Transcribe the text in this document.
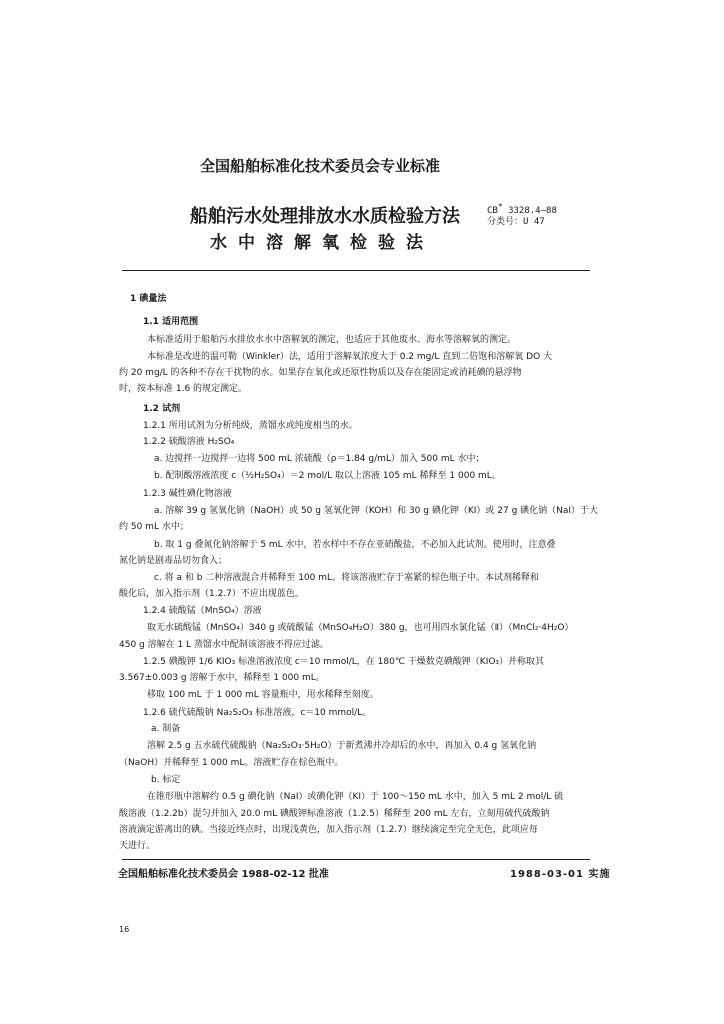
全国船舶标准化技术委员会专业标准
船舶污水处理排放水水质检验方法
水中溶解氧检验法
CB* 3328.4—88
分类号：U 47
1 碘量法
1.1 适用范围
本标准适用于船舶污水排放水水中溶解氧的测定，也适应于其他废水、海水等溶解氧的测定。
本标准是改进的温可勒（Winkler）法，适用于溶解氧浓度大于 0.2 mg/L 直到二倍饱和溶解氧 DO 大
约 20 mg/L 的各种不存在干扰物的水。如果存在氧化或还原性物质以及存在能固定或消耗碘的悬浮物
时，按本标准 1.6 的规定测定。
1.2 试剂
1.2.1 所用试剂为分析纯级，蒸馏水或纯度相当的水。
1.2.2 硫酸溶液 H₂SO₄
a. 边搅拌一边搅拌一边将 500 mL 浓硫酸（ρ＝1.84 g/mL）加入 500 mL 水中；
b. 配制酸溶液浓度 c（½H₂SO₄）＝2 mol/L 取以上溶液 105 mL 稀释至 1 000 mL。
1.2.3 碱性碘化物溶液
a. 溶解 39 g 氢氧化钠（NaOH）或 50 g 氢氧化钾（KOH）和 30 g 碘化钾（KI）或 27 g 碘化钠（NaI）于大
约 50 mL 水中；
b. 取 1 g 叠氮化钠溶解于 5 mL 水中，若水样中不存在亚硝酸盐，不必加入此试剂。使用时，注意叠
氮化钠是剧毒品切勿食入；
c. 将 a 和 b 二种溶液混合并稀释至 100 mL。将该溶液贮存于塞紧的棕色瓶子中。本试剂稀释和
酸化后，加入指示剂（1.2.7）不应出现蓝色。
1.2.4 硫酸锰（MnSO₄）溶液
取无水硫酸锰（MnSO₄）340 g 或硫酸锰（MnSO₄H₂O）380 g，也可用四水氯化锰（Ⅱ）（MnCl₂·4H₂O）
450 g 溶解在 1 L 蒸馏水中配制该溶液不得应过滤。
1.2.5 碘酸钾 1/6 KIO₃ 标准溶液浓度 c＝10 mmol/L，在 180℃ 干燥数克碘酸钾（KIO₃）并称取其
3.567±0.003 g 溶解于水中，稀释至 1 000 mL。
移取 100 mL 于 1 000 mL 容量瓶中，用水稀释至刻度。
1.2.6 硫代硫酸钠 Na₂S₂O₃ 标准溶液，c＝10 mmol/L。
a. 制备
溶解 2.5 g 五水硫代硫酸钠（Na₂S₂O₃·5H₂O）于新煮沸并冷却后的水中，再加入 0.4 g 氢氧化钠
（NaOH）并稀释至 1 000 mL。溶液贮存在棕色瓶中。
b. 标定
在锥形瓶中溶解约 0.5 g 碘化钠（NaI）或碘化钾（KI）于 100～150 mL 水中，加入 5 mL 2 mol/L 硫
酸溶液（1.2.2b）混匀并加入 20.0 mL 碘酸钾标准溶液（1.2.5）稀释至 200 mL 左右，立刻用硫代硫酸钠
溶液滴定游离出的碘。当接近终点时，出现浅黄色，加入指示剂（1.2.7）继续滴定至完全无色，此项应每
天进行。
全国船舶标准化技术委员会 1988-02-12 批准	1988-03-01 实施
16
